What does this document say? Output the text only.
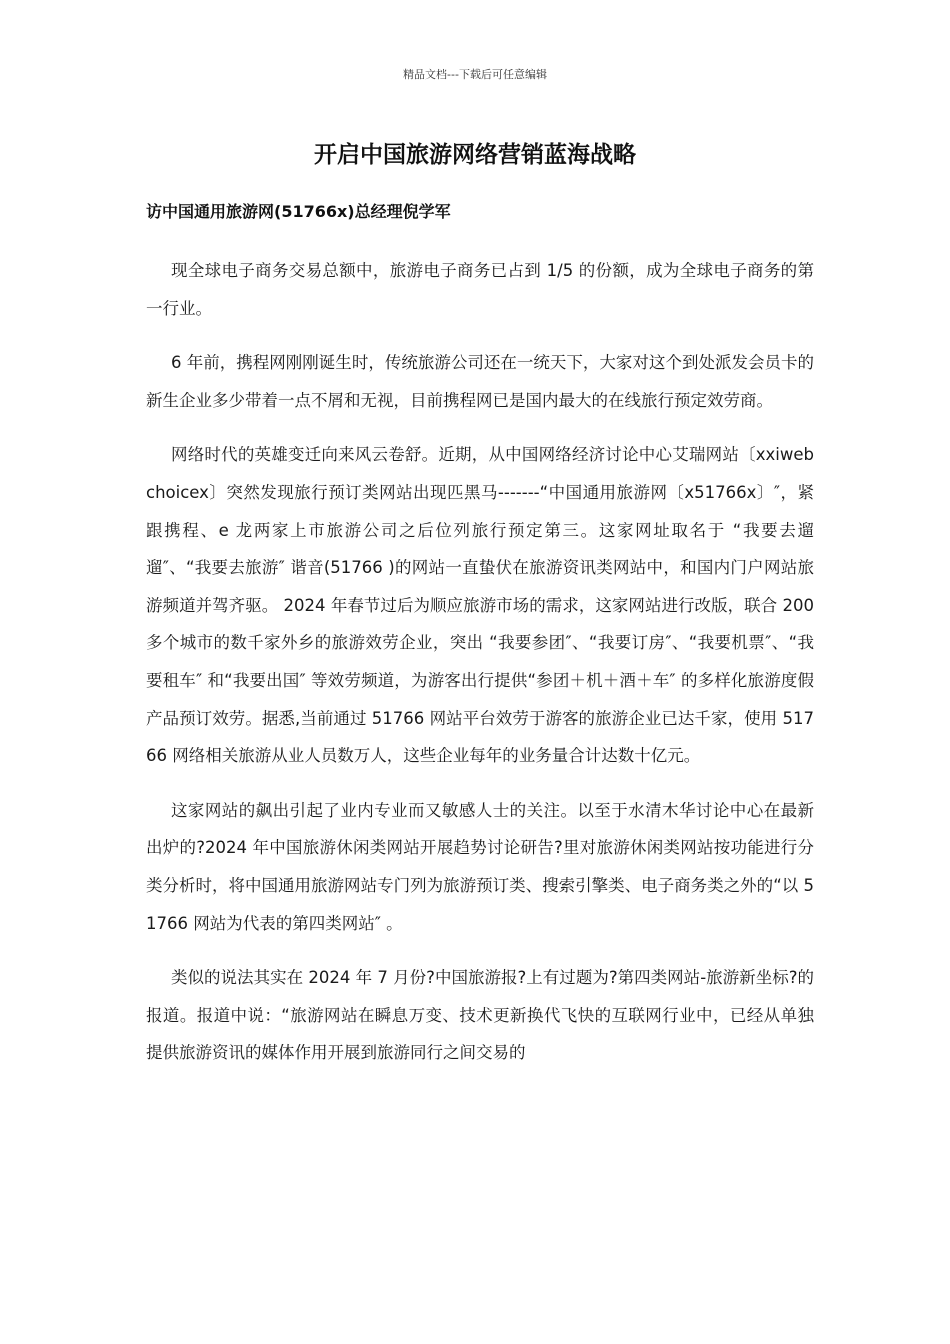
精品文档---下载后可任意编辑
开启中国旅游网络营销蓝海战略
访中国通用旅游网(51766x)总经理倪学军

现全球电子商务交易总额中，旅游电子商务已占到 1/5 的份额，成为全球电子商务的第一行业。

6 年前，携程网刚刚诞生时，传统旅游公司还在一统天下，大家对这个到处派发会员卡的新生企业多少带着一点不屑和无视，目前携程网已是国内最大的在线旅行预定效劳商。

网络时代的英雄变迁向来风云卷舒。近期，从中国网络经济讨论中心艾瑞网站〔xxiwebchoicex〕突然发现旅行预订类网站出现匹黑马-------“中国通用旅游网〔x51766x〕″，紧跟携程、e 龙两家上市旅游公司之后位列旅行预定第三。这家网址取名于 “我要去遛遛″、“我要去旅游″ 谐音(51766 )的网站一直蛰伏在旅游资讯类网站中，和国内门户网站旅游频道并驾齐驱。 2024 年春节过后为顺应旅游市场的需求，这家网站进行改版，联合 200 多个城市的数千家外乡的旅游效劳企业，突出 “我要参团″、“我要订房″、“我要机票″、“我要租车″ 和“我要出国″ 等效劳频道，为游客出行提供“参团＋机＋酒＋车″ 的多样化旅游度假产品预订效劳。据悉,当前通过 51766 网站平台效劳于游客的旅游企业已达千家，使用 51766 网络相关旅游从业人员数万人，这些企业每年的业务量合计达数十亿元。

这家网站的飙出引起了业内专业而又敏感人士的关注。以至于水清木华讨论中心在最新出炉的?2024 年中国旅游休闲类网站开展趋势讨论研告?里对旅游休闲类网站按功能进行分类分析时，将中国通用旅游网站专门列为旅游预订类、搜索引擎类、电子商务类之外的“以 51766 网站为代表的第四类网站″ 。

类似的说法其实在 2024 年 7 月份?中国旅游报?上有过题为?第四类网站-旅游新坐标?的报道。报道中说：“旅游网站在瞬息万变、技术更新换代飞快的互联网行业中，已经从单独提供旅游资讯的媒体作用开展到旅游同行之间交易的
